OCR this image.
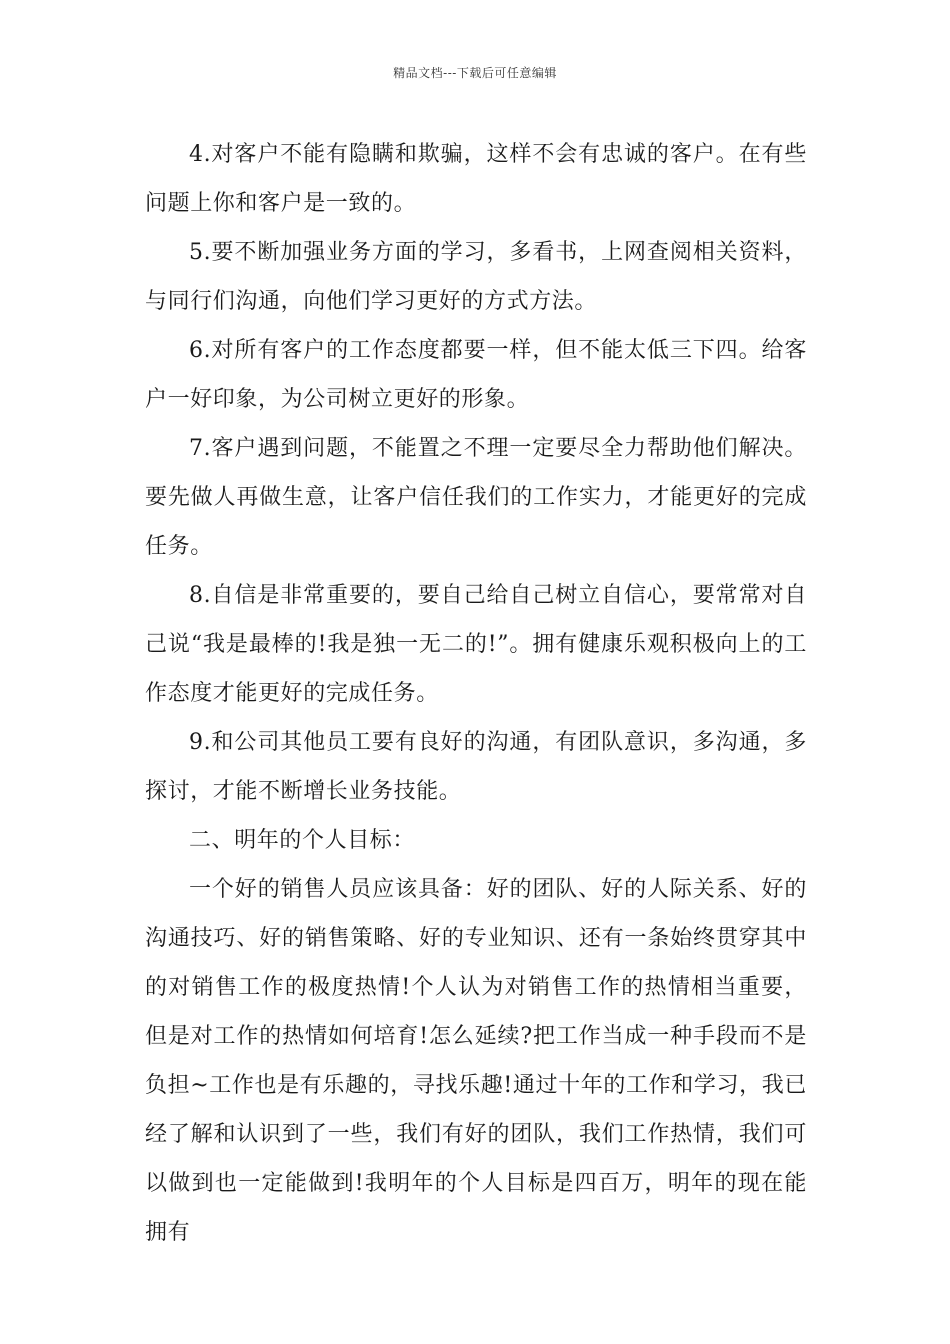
精品文档---下载后可任意编辑

4.对客户不能有隐瞒和欺骗，这样不会有忠诚的客户。在有些问题上你和客户是一致的。

5.要不断加强业务方面的学习，多看书，上网查阅相关资料，与同行们沟通，向他们学习更好的方式方法。

6.对所有客户的工作态度都要一样，但不能太低三下四。给客户一好印象，为公司树立更好的形象。

7.客户遇到问题，不能置之不理一定要尽全力帮助他们解决。要先做人再做生意，让客户信任我们的工作实力，才能更好的完成任务。

8.自信是非常重要的，要自己给自己树立自信心，要常常对自己说“我是最棒的!我是独一无二的!”。拥有健康乐观积极向上的工作态度才能更好的完成任务。

9.和公司其他员工要有良好的沟通，有团队意识，多沟通，多探讨，才能不断增长业务技能。

二、明年的个人目标：

一个好的销售人员应该具备：好的团队、好的人际关系、好的沟通技巧、好的销售策略、好的专业知识、还有一条始终贯穿其中的对销售工作的极度热情!个人认为对销售工作的热情相当重要，但是对工作的热情如何培育!怎么延续?把工作当成一种手段而不是负担~工作也是有乐趣的，寻找乐趣!通过十年的工作和学习，我已经了解和认识到了一些，我们有好的团队，我们工作热情，我们可以做到也一定能做到!我明年的个人目标是四百万，明年的现在能拥有
